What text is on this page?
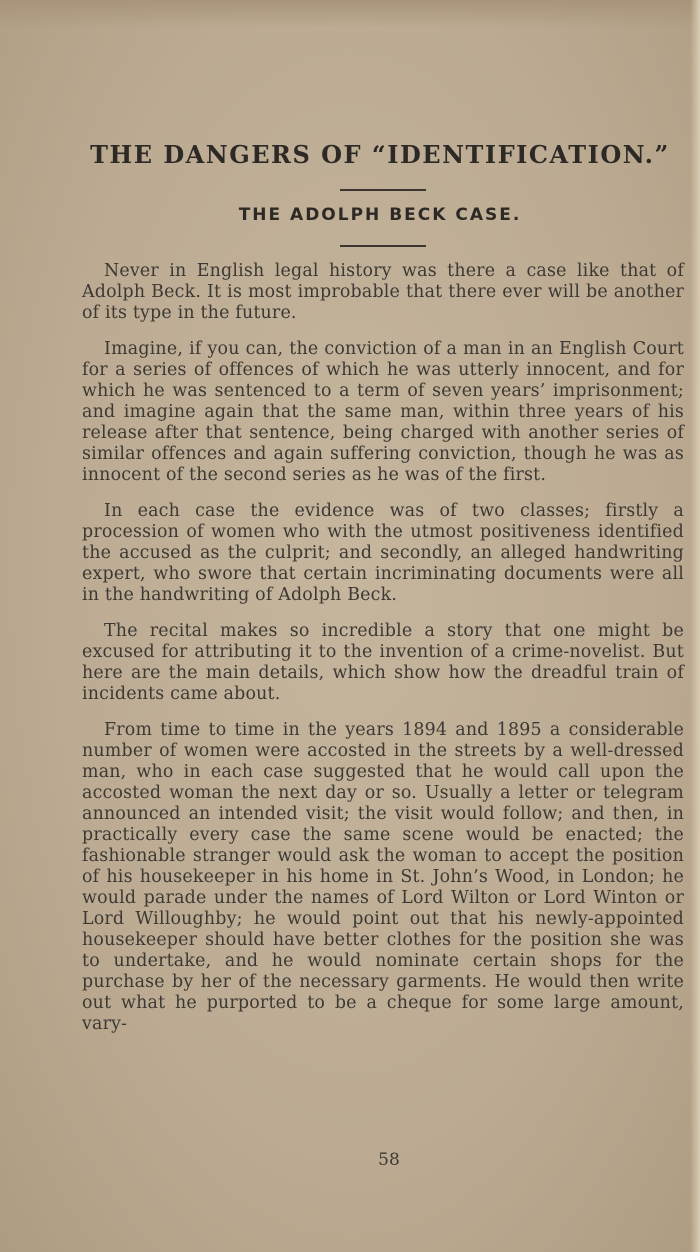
THE DANGERS OF “IDENTIFICATION.”
THE ADOLPH BECK CASE.

Never in English legal history was there a case like that of Adolph Beck. It is most improbable that there ever will be another of its type in the future.

Imagine, if you can, the conviction of a man in an English Court for a series of offences of which he was utterly innocent, and for which he was sentenced to a term of seven years’ imprisonment; and imagine again that the same man, within three years of his release after that sentence, being charged with another series of similar offences and again suffering conviction, though he was as innocent of the second series as he was of the first.

In each case the evidence was of two classes; firstly a procession of women who with the utmost positiveness identified the accused as the culprit; and secondly, an alleged handwriting expert, who swore that certain incriminating documents were all in the handwriting of Adolph Beck.

The recital makes so incredible a story that one might be excused for attributing it to the invention of a crime-novelist. But here are the main details, which show how the dreadful train of incidents came about.

From time to time in the years 1894 and 1895 a considerable number of women were accosted in the streets by a well-dressed man, who in each case suggested that he would call upon the accosted woman the next day or so. Usually a letter or telegram announced an intended visit; the visit would follow; and then, in practically every case the same scene would be enacted; the fashionable stranger would ask the woman to accept the position of his housekeeper in his home in St. John’s Wood, in London; he would parade under the names of Lord Wilton or Lord Winton or Lord Willoughby; he would point out that his newly-appointed housekeeper should have better clothes for the position she was to undertake, and he would nominate certain shops for the purchase by her of the necessary garments. He would then write out what he purported to be a cheque for some large amount, vary-

58
